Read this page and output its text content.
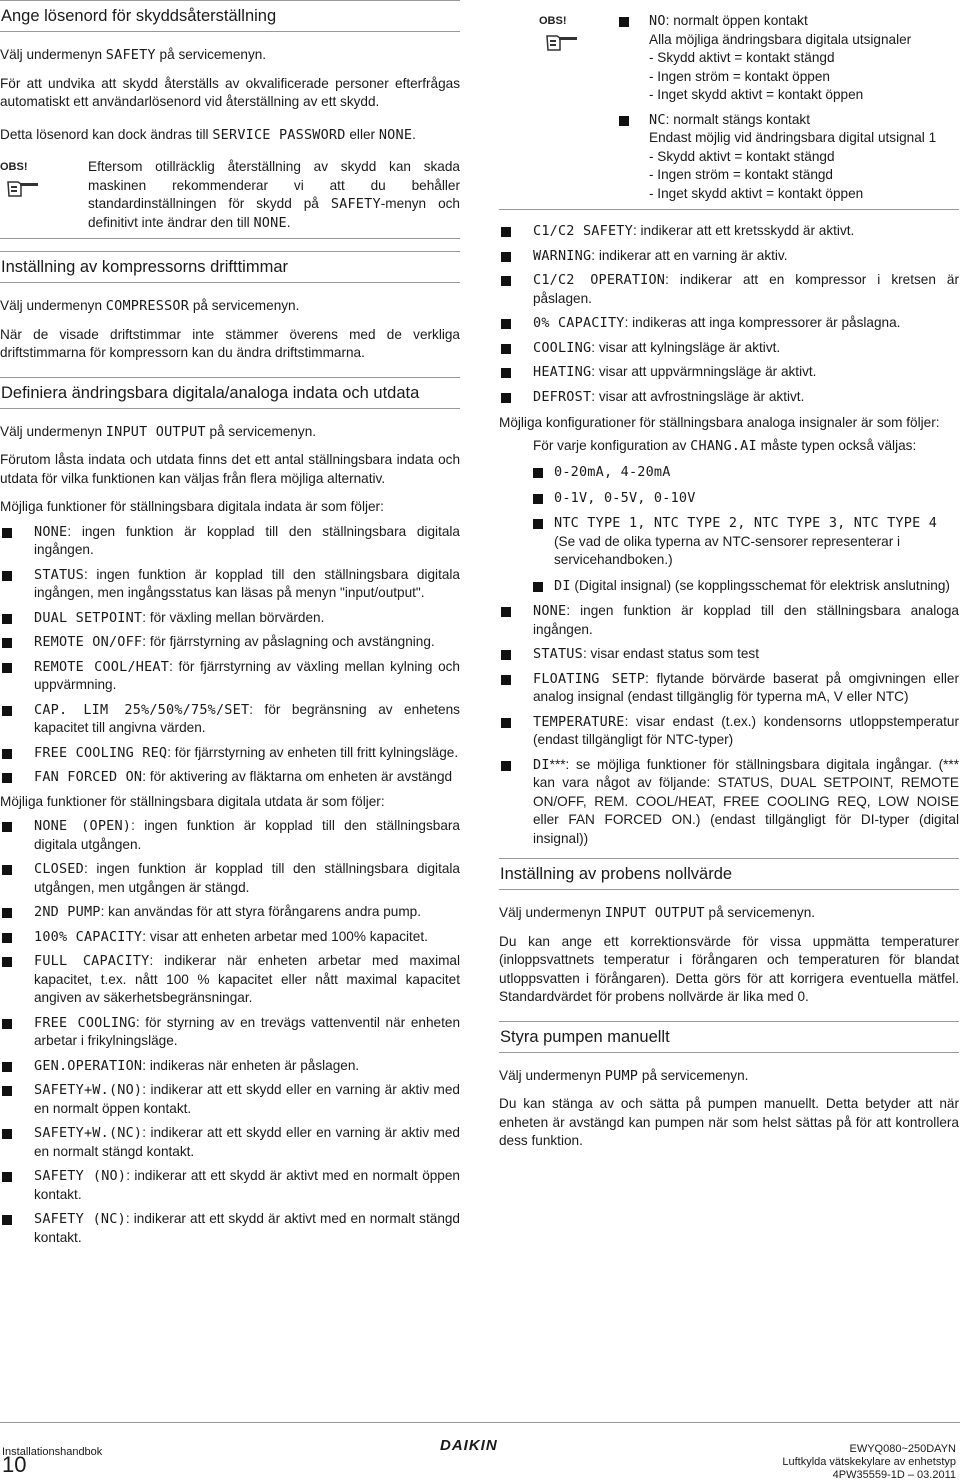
Ange lösenord för skyddsåterställning

Välj undermenyn SAFETY på servicemenyn.

För att undvika att skydd återställs av okvalificerade personer efterfrågas automatiskt ett användarlösenord vid återställning av ett skydd.

Detta lösenord kan dock ändras till SERVICE PASSWORD eller NONE.

OBS!	Eftersom otillräcklig återställning av skydd kan skada maskinen rekommenderar vi att du behåller standardinställningen för skydd på SAFETY-menyn och definitivt inte ändrar den till NONE.
Inställning av kompressorns drifttimmar

Välj undermenyn COMPRESSOR på servicemenyn.

När de visade driftstimmar inte stämmer överens med de verkliga driftstimmarna för kompressorn kan du ändra driftstimmarna.

Definiera ändringsbara digitala/analoga indata och utdata

Välj undermenyn INPUT OUTPUT på servicemenyn.

Förutom låsta indata och utdata finns det ett antal ställningsbara indata och utdata för vilka funktionen kan väljas från flera möjliga alternativ.

Möjliga funktioner för ställningsbara digitala indata är som följer:

NONE: ingen funktion är kopplad till den ställningsbara digitala ingången.
STATUS: ingen funktion är kopplad till den ställningsbara digitala ingången, men ingångsstatus kan läsas på menyn "input/output".
DUAL SETPOINT: för växling mellan börvärden.
REMOTE ON/OFF: för fjärrstyrning av påslagning och avstängning.
REMOTE COOL/HEAT: för fjärrstyrning av växling mellan kylning och uppvärmning.
CAP. LIM 25%/50%/75%/SET: för begränsning av enhetens kapacitet till angivna värden.
FREE COOLING REQ: för fjärrstyrning av enheten till fritt kylningsläge.
FAN FORCED ON: för aktivering av fläktarna om enheten är avstängd

Möjliga funktioner för ställningsbara digitala utdata är som följer:

NONE (OPEN): ingen funktion är kopplad till den ställningsbara digitala utgången.
CLOSED: ingen funktion är kopplad till den ställningsbara digitala utgången, men utgången är stängd.
2ND PUMP: kan användas för att styra förångarens andra pump.
100% CAPACITY: visar att enheten arbetar med 100% kapacitet.
FULL CAPACITY: indikerar när enheten arbetar med maximal kapacitet, t.ex. nått 100 % kapacitet eller nått maximal kapacitet angiven av säkerhetsbegränsningar.
FREE COOLING: för styrning av en trevägs vattenventil när enheten arbetar i frikylningsläge.
GEN.OPERATION: indikeras när enheten är påslagen.
SAFETY+W.(NO): indikerar att ett skydd eller en varning är aktiv med en normalt öppen kontakt.
SAFETY+W.(NC): indikerar att ett skydd eller en varning är aktiv med en normalt stängd kontakt.
SAFETY (NO): indikerar att ett skydd är aktivt med en normalt öppen kontakt.
SAFETY (NC): indikerar att ett skydd är aktivt med en normalt stängd kontakt.
OBS!	NO: normalt öppen kontakt
Alla möjliga ändringsbara digitala utsignaler
- Skydd aktivt = kontakt stängd
- Ingen ström = kontakt öppen
- Inget skydd aktivt = kontakt öppen
NC: normalt stängs kontakt
Endast möjlig vid ändringsbara digital utsignal 1
- Skydd aktivt = kontakt stängd
- Ingen ström = kontakt stängd
- Inget skydd aktivt = kontakt öppen
C1/C2 SAFETY: indikerar att ett kretsskydd är aktivt.
WARNING: indikerar att en varning är aktiv.
C1/C2 OPERATION: indikerar att en kompressor i kretsen är påslagen.
0% CAPACITY: indikeras att inga kompressorer är påslagna.
COOLING: visar att kylningsläge är aktivt.
HEATING: visar att uppvärmningsläge är aktivt.
DEFROST: visar att avfrostningsläge är aktivt.

Möjliga konfigurationer för ställningsbara analoga insignaler är som följer:

För varje konfiguration av CHANG.AI måste typen också väljas:

0-20mA, 4-20mA
0-1V, 0-5V, 0-10V
NTC TYPE 1, NTC TYPE 2, NTC TYPE 3, NTC TYPE 4 (Se vad de olika typerna av NTC-sensorer representerar i servicehandboken.)
DI (Digital insignal) (se kopplingsschemat för elektrisk anslutning)
NONE: ingen funktion är kopplad till den ställningsbara analoga ingången.
STATUS: visar endast status som test
FLOATING SETP: flytande börvärde baserat på omgivningen eller analog insignal (endast tillgänglig för typerna mA, V eller NTC)
TEMPERATURE: visar endast (t.ex.) kondensorns utloppstemperatur (endast tillgängligt för NTC-typer)
DI***: se möjliga funktioner för ställningsbara digitala ingångar. (*** kan vara något av följande: STATUS, DUAL SETPOINT, REMOTE ON/OFF, REM. COOL/HEAT, FREE COOLING REQ, LOW NOISE eller FAN FORCED ON.) (endast tillgängligt för DI-typer (digital insignal))
Inställning av probens nollvärde

Välj undermenyn INPUT OUTPUT på servicemenyn.

Du kan ange ett korrektionsvärde för vissa uppmätta temperaturer (inloppsvattnets temperatur i förångaren och temperaturen för blandat utloppsvatten i förångaren). Detta görs för att korrigera eventuella mätfel. Standardvärdet för probens nollvärde är lika med 0.

Styra pumpen manuellt

Välj undermenyn PUMP på servicemenyn.

Du kan stänga av och sätta på pumpen manuellt. Detta betyder att när enheten är avstängd kan pumpen när som helst sättas på för att kontrollera dess funktion.

Installationshandbok
10
DAIKIN	EWYQ080~250DAYN
Luftkylda vätskekylare av enhetstyp
4PW35559-1D – 03.2011
